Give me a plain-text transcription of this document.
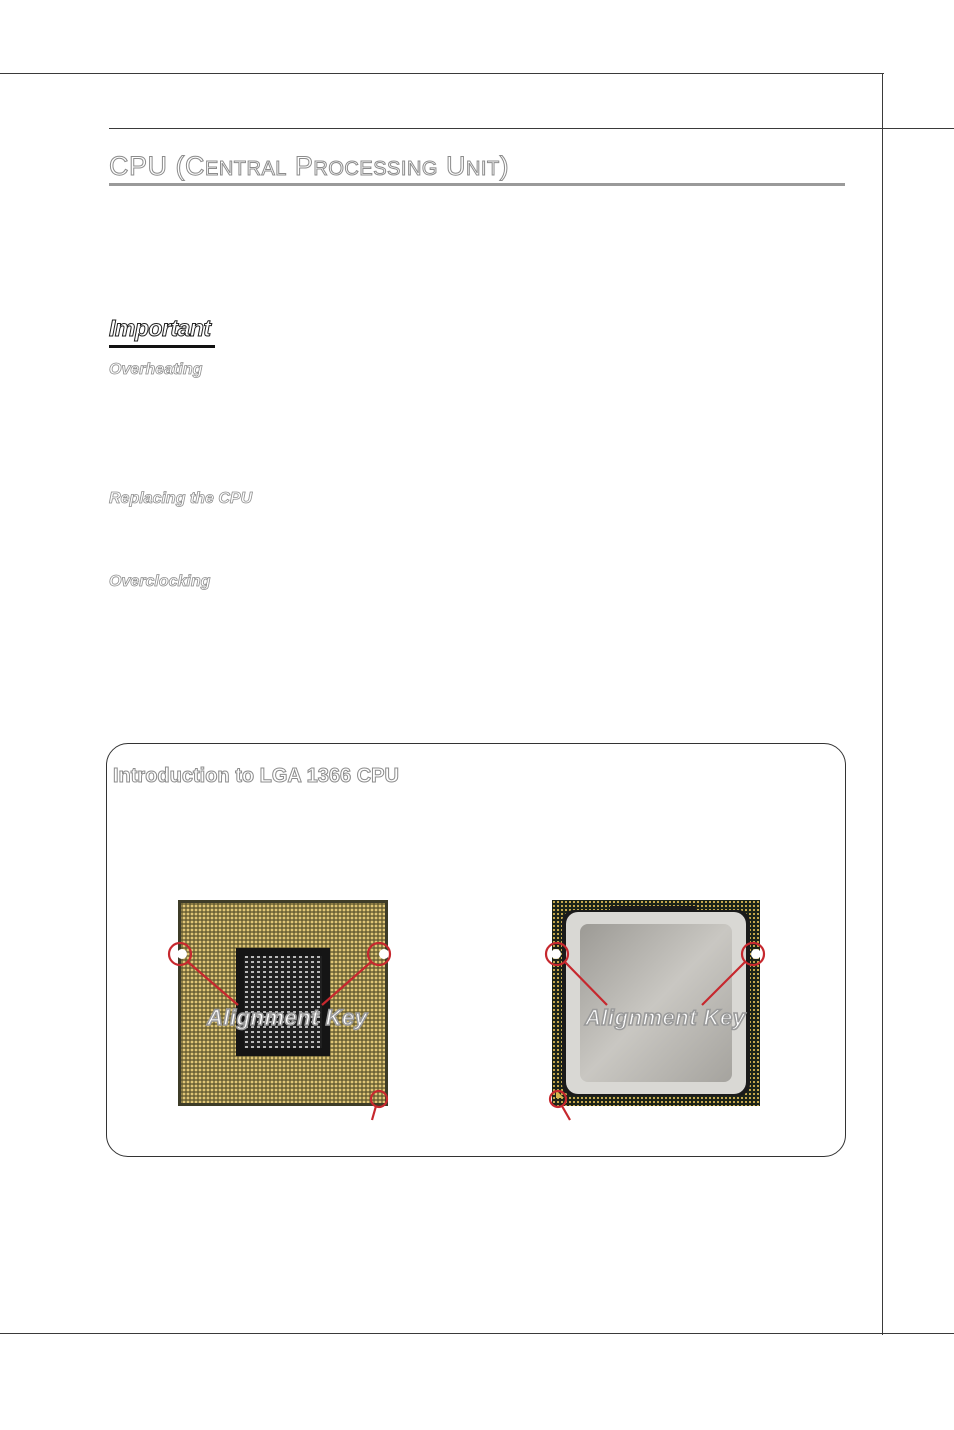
CPU (CENTRAL PROCESSING UNIT)
Important
Overheating
Replacing the CPU
Overclocking
Introduction to LGA 1366 CPU
Alignment Key	Alignment Key
